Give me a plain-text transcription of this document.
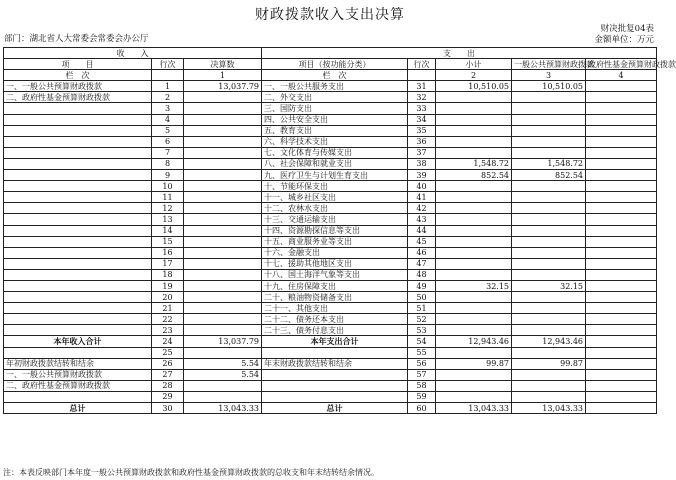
财政拨款收入支出决算
财决批复04表
金额单位：万元
部门：湖北省人大常委会常委会办公厅
收　　入			支　　出				
项　　目	行次	决算数	项目（按功能分类）	行次	小计	一般公共预算财政拨款	政府性基金预算财政拨款
栏　次		1	栏　次		2	3	4
一、一般公共预算财政拨款	1	13,037.79	一、一般公共服务支出	31	10,510.05	10,510.05	
二、政府性基金预算财政拨款	2		二、外交支出	32			
	3		三、国防支出	33			
	4		四、公共安全支出	34			
	5		五、教育支出	35			
	6		六、科学技术支出	36			
	7		七、文化体育与传媒支出	37			
	8		八、社会保障和就业支出	38	1,548.72	1,548.72	
	9		九、医疗卫生与计划生育支出	39	852.54	852.54	
	10		十、节能环保支出	40			
	11		十一、城乡社区支出	41			
	12		十二、农林水支出	42			
	13		十三、交通运输支出	43			
	14		十四、资源勘探信息等支出	44			
	15		十五、商业服务业等支出	45			
	16		十六、金融支出	46			
	17		十七、援助其他地区支出	47			
	18		十八、国土海洋气象等支出	48			
	19		十九、住房保障支出	49	32.15	32.15	
	20		二十、粮油物资储备支出	50			
	21		二十一、其他支出	51			
	22		二十二、债务还本支出	52			
	23		二十三、债务付息支出	53			
本年收入合计	24	13,037.79	本年支出合计	54	12,943.46	12,943.46	
	25			55			
年初财政拨款结转和结余	26	5.54	年末财政拨款结转和结余	56	99.87	99.87	
一、一般公共预算财政拨款	27	5.54		57			
二、政府性基金预算财政拨款	28			58			
	29			59			
总计	30	13,043.33	总计	60	13,043.33	13,043.33	
注：本表反映部门本年度一般公共预算财政拨款和政府性基金预算财政拨款的总收支和年末结转结余情况。
